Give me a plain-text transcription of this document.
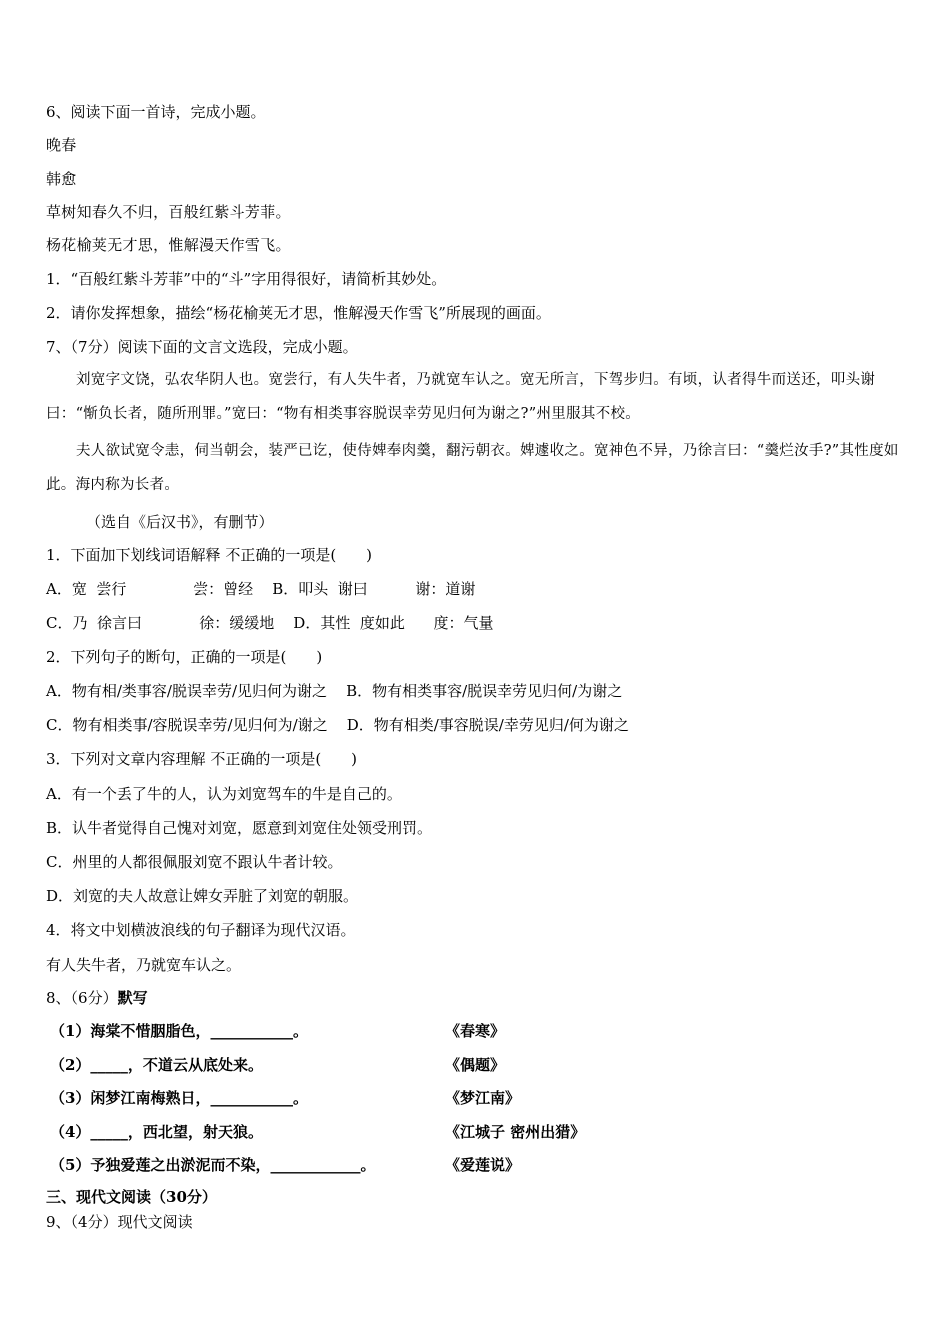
6、阅读下面一首诗，完成小题。
晚春
韩愈
草树知春久不归，百般红紫斗芳菲。
杨花榆荚无才思，惟解漫天作雪飞。
1．“百般红紫斗芳菲”中的“斗”字用得很好，请简析其妙处。
2．请你发挥想象，描绘“杨花榆荚无才思，惟解漫天作雪飞”所展现的画面。
7、（7分）阅读下面的文言文选段，完成小题。
刘宽字文饶，弘农华阴人也。宽尝行，有人失牛者，乃就宽车认之。宽无所言，下驾步归。有顷，认者得牛而送还，叩头谢曰：“惭负长者，随所刑罪。”宽曰：“物有相类事容脱误幸劳见归何为谢之?”州里服其不校。
夫人欲试宽令恚，伺当朝会，装严已讫，使侍婢奉肉羹，翻污朝衣。婢遽收之。宽神色不异，乃徐言曰：“羹烂汝手?”其性度如此。海内称为长者。
（选自《后汉书》，有删节）
1．下面加下划线词语解释 不正确的一项是(　　)
A．宽  尝行              尝：曾经    B．叩头  谢曰          谢：道谢
C．乃  徐言曰            徐：缓缓地    D．其性  度如此      度：气量
2．下列句子的断句，正确的一项是(　　)
A．物有相/类事容/脱误幸劳/见归何为谢之    B．物有相类事容/脱误幸劳见归何/为谢之
C．物有相类事/容脱误幸劳/见归何为/谢之    D．物有相类/事容脱误/幸劳见归/何为谢之
3．下列对文章内容理解 不正确的一项是(　　)
A．有一个丢了牛的人，认为刘宽驾车的牛是自己的。
B．认牛者觉得自己愧对刘宽，愿意到刘宽住处领受刑罚。
C．州里的人都很佩服刘宽不跟认牛者计较。
D．刘宽的夫人故意让婢女弄脏了刘宽的朝服。
4．将文中划横波浪线的句子翻译为现代汉语。
有人失牛者，乃就宽车认之。
8、（6分）默写
（1）海棠不惜胭脂色，___________。	《春寒》
（2）_____，不道云从底处来。	《偶题》
（3）闲梦江南梅熟日，___________。	《梦江南》
（4）_____，西北望，射天狼。	《江城子 密州出猎》
（5）予独爱莲之出淤泥而不染，____________。	《爱莲说》
三、现代文阅读（30分）
9、（4分）现代文阅读
